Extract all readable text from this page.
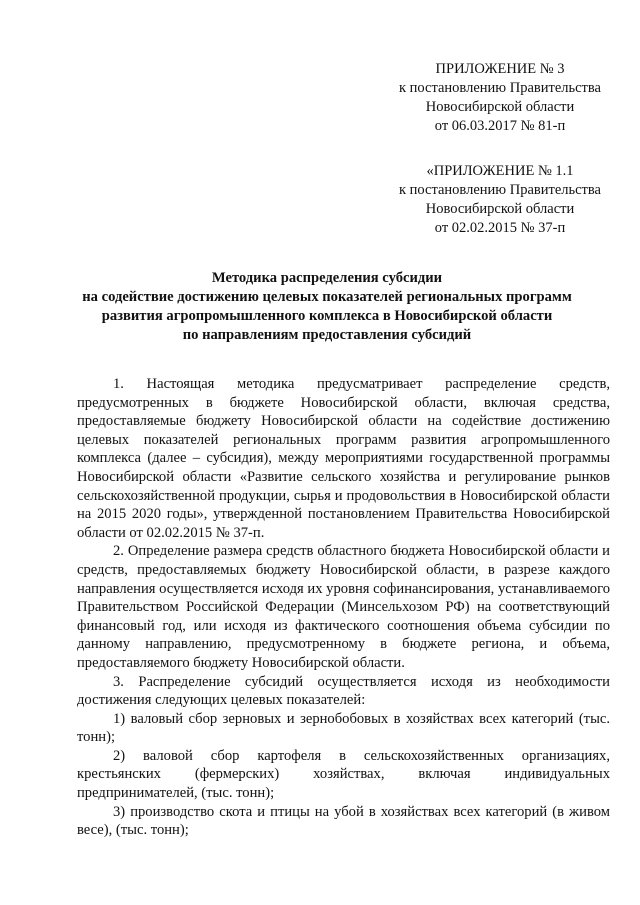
ПРИЛОЖЕНИЕ № 3
к постановлению Правительства
Новосибирской области
от 06.03.2017 № 81-п
«ПРИЛОЖЕНИЕ № 1.1
к постановлению Правительства
Новосибирской области
от 02.02.2015 № 37-п
Методика распределения субсидии
на содействие достижению целевых показателей региональных программ
развития агропромышленного комплекса в Новосибирской области
по направлениям предоставления субсидий

1. Настоящая методика предусматривает распределение средств, предусмотренных в бюджете Новосибирской области, включая средства, предоставляемые бюджету Новосибирской области на содействие достижению целевых показателей региональных программ развития агропромышленного комплекса (далее – субсидия), между мероприятиями государственной программы Новосибирской области «Развитие сельского хозяйства и регулирование рынков сельскохозяйственной продукции, сырья и продовольствия в Новосибирской области на 2015 2020 годы», утвержденной постановлением Правительства Новосибирской области от 02.02.2015 № 37-п.

2. Определение размера средств областного бюджета Новосибирской области и средств, предоставляемых бюджету Новосибирской области, в разрезе каждого направления осуществляется исходя их уровня софинансирования, устанавливаемого Правительством Российской Федерации (Минсельхозом РФ) на соответствующий финансовый год, или исходя из фактического соотношения объема субсидии по данному направлению, предусмотренному в бюджете региона, и объема, предоставляемого бюджету Новосибирской области.

3. Распределение субсидий осуществляется исходя из необходимости достижения следующих целевых показателей:

1) валовый сбор зерновых и зернобобовых в хозяйствах всех категорий (тыс. тонн);

2) валовой сбор картофеля в сельскохозяйственных организациях, крестьянских (фермерских) хозяйствах, включая индивидуальных предпринимателей, (тыс. тонн);

3) производство скота и птицы на убой в хозяйствах всех категорий (в живом весе), (тыс. тонн);
